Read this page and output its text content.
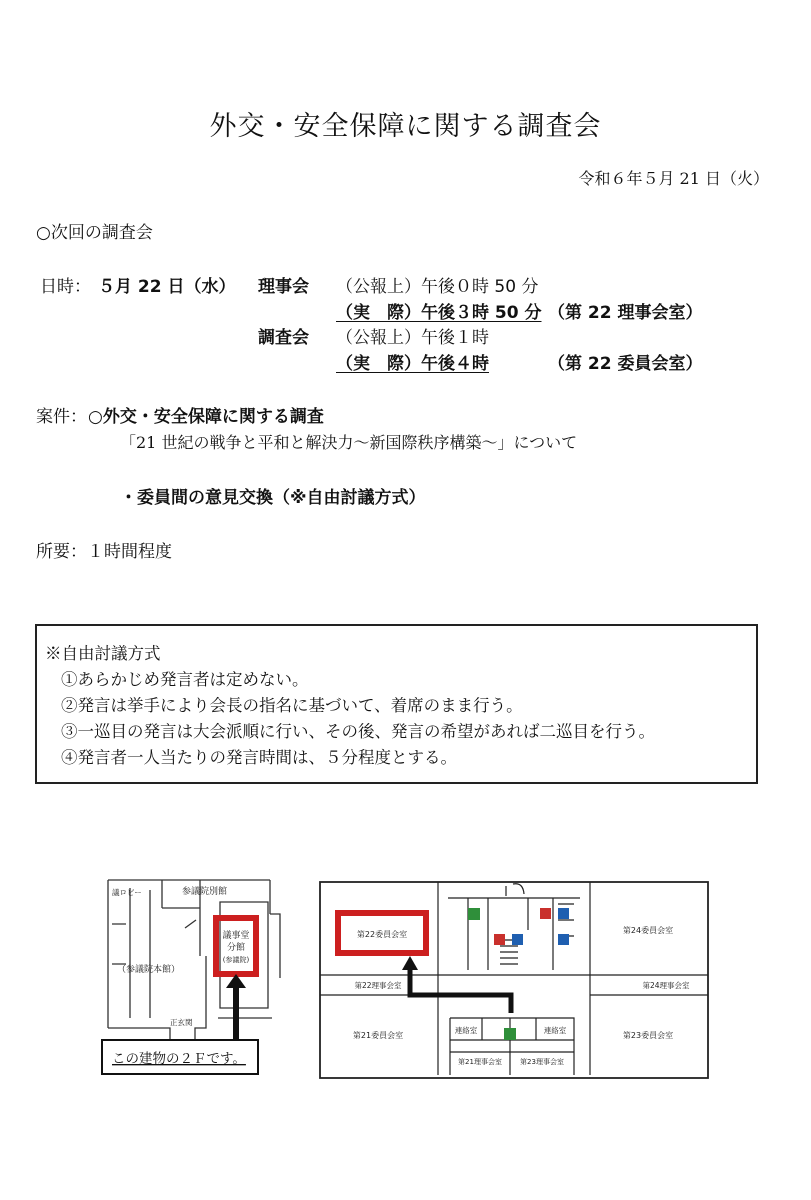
外交・安全保障に関する調査会
令和６年５月 21 日（火）
○次回の調査会
日時： ５月 22 日（水） 理事会 （公報上）午後０時 50 分
（実　際）午後３時 50 分 （第 22 理事会室）
調査会 （公報上）午後１時
（実　際）午後４時	（第 22 委員会室）
案件： ○外交・安全保障に関する調査
「21 世紀の戦争と平和と解決力～新国際秩序構築～」について
・委員間の意見交換（※自由討議方式）
所要：１時間程度
※自由討議方式
①あらかじめ発言者は定めない。
②発言は挙手により会長の指名に基づいて、着席のまま行う。
③一巡目の発言は大会派順に行い、その後、発言の希望があれば二巡目を行う。
④発言者一人当たりの発言時間は、５分程度とする。
議ロビー	参議院別館
（参議院本館）
正玄関
議事堂
分館
(参議院)
この建物の２Ｆです。
第22委員会室
第22理事会室
第21委員会室
第24委員会室
第24理事会室
第23委員会室
連絡室	連絡室
第21理事会室	第23理事会室
